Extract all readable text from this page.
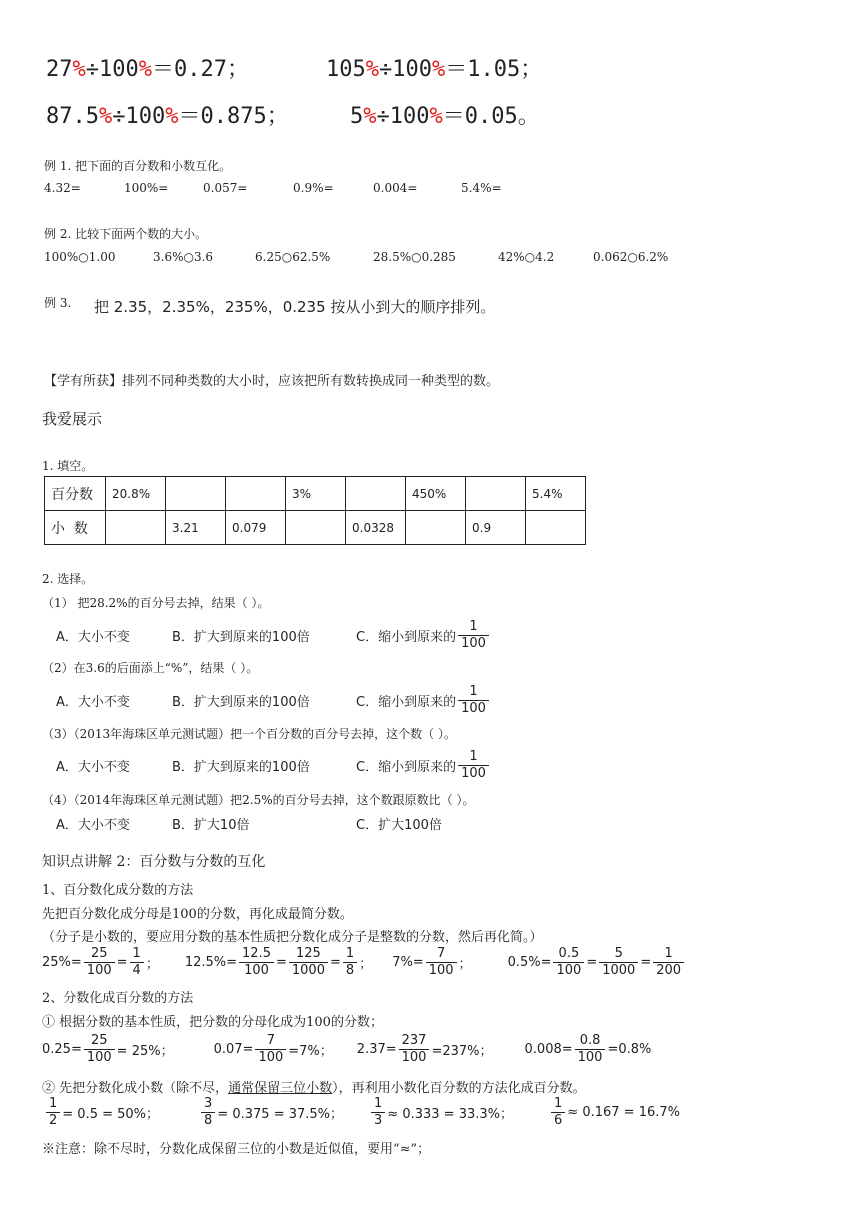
27%÷100%＝0.27；	105%÷100%＝1.05；
87.5%÷100%＝0.875；	5%÷100%＝0.05。
例 1. 把下面的百分数和小数互化。
4.32=	100%=	0.057=	0.9%=	0.004=	5.4%=
例 2. 比较下面两个数的大小。
100%○1.00	3.6%○3.6	6.25○62.5%	28.5%○0.285	42%○4.2	0.062○6.2%
例 3. 把 2.35，2.35%，235%，0.235 按从小到大的顺序排列。
【学有所获】排列不同种类数的大小时，应该把所有数转换成同一种类型的数。
我爱展示
1. 填空。
百分数	20.8%			3%		450%		5.4%
小  数		3.21	0.079		0.0328		0.9	
2. 选择。
（1） 把28.2%的百分号去掉，结果（ ）。
A．大小不变	B．扩大到原来的100倍	C．缩小到原来的 $\frac{1}{100}$
（2）在3.6的后面添上“%”，结果（ ）。
A．大小不变	B．扩大到原来的100倍	C．缩小到原来的 $\frac{1}{100}$
（3）（2013年海珠区单元测试题）把一个百分数的百分号去掉，这个数（ ）。
A．大小不变	B．扩大到原来的100倍	C．缩小到原来的 $\frac{1}{100}$
（4）（2014年海珠区单元测试题）把2.5%的百分号去掉，这个数跟原数比（ ）。
A．大小不变	B．扩大10倍	C．扩大100倍
知识点讲解 2：百分数与分数的互化
1、百分数化成分数的方法
先把百分数化成分母是100的分数，再化成最简分数。
（分子是小数的，要应用分数的基本性质把分数化成分子是整数的分数，然后再化简。）
$25\%= \frac{25}{100} = \frac{1}{4}$ ； $12.5\%= \frac{12.5}{100} = \frac{125}{1000} = \frac{1}{8}$ ； $7\%= \frac{7}{100}$ ；	$0.5\%= \frac{0.5}{100} = \frac{5}{1000} = \frac{1}{200}$
2、分数化成百分数的方法
① 根据分数的基本性质，把分数的分母化成为100的分数；
$0.25= \frac{25}{100} = 25\%$；	$0.07= \frac{7}{100} =7\%$； $2.37= \frac{237}{100} =237\%$； $0.008= \frac{0.8}{100} =0.8\%$
② 先把分数化成小数（除不尽，通常保留三位小数），再利用小数化百分数的方法化成百分数。
$\frac{1}{2} = 0.5 = 50\%$；	$\frac{3}{8} = 0.375 = 37.5\%$； $\frac{1}{3} \approx 0.333 = 33.3\%$；	$\frac{1}{6} \approx 0.167 = 16.7\%$
※注意：除不尽时，分数化成保留三位的小数是近似值，要用“≈”；
